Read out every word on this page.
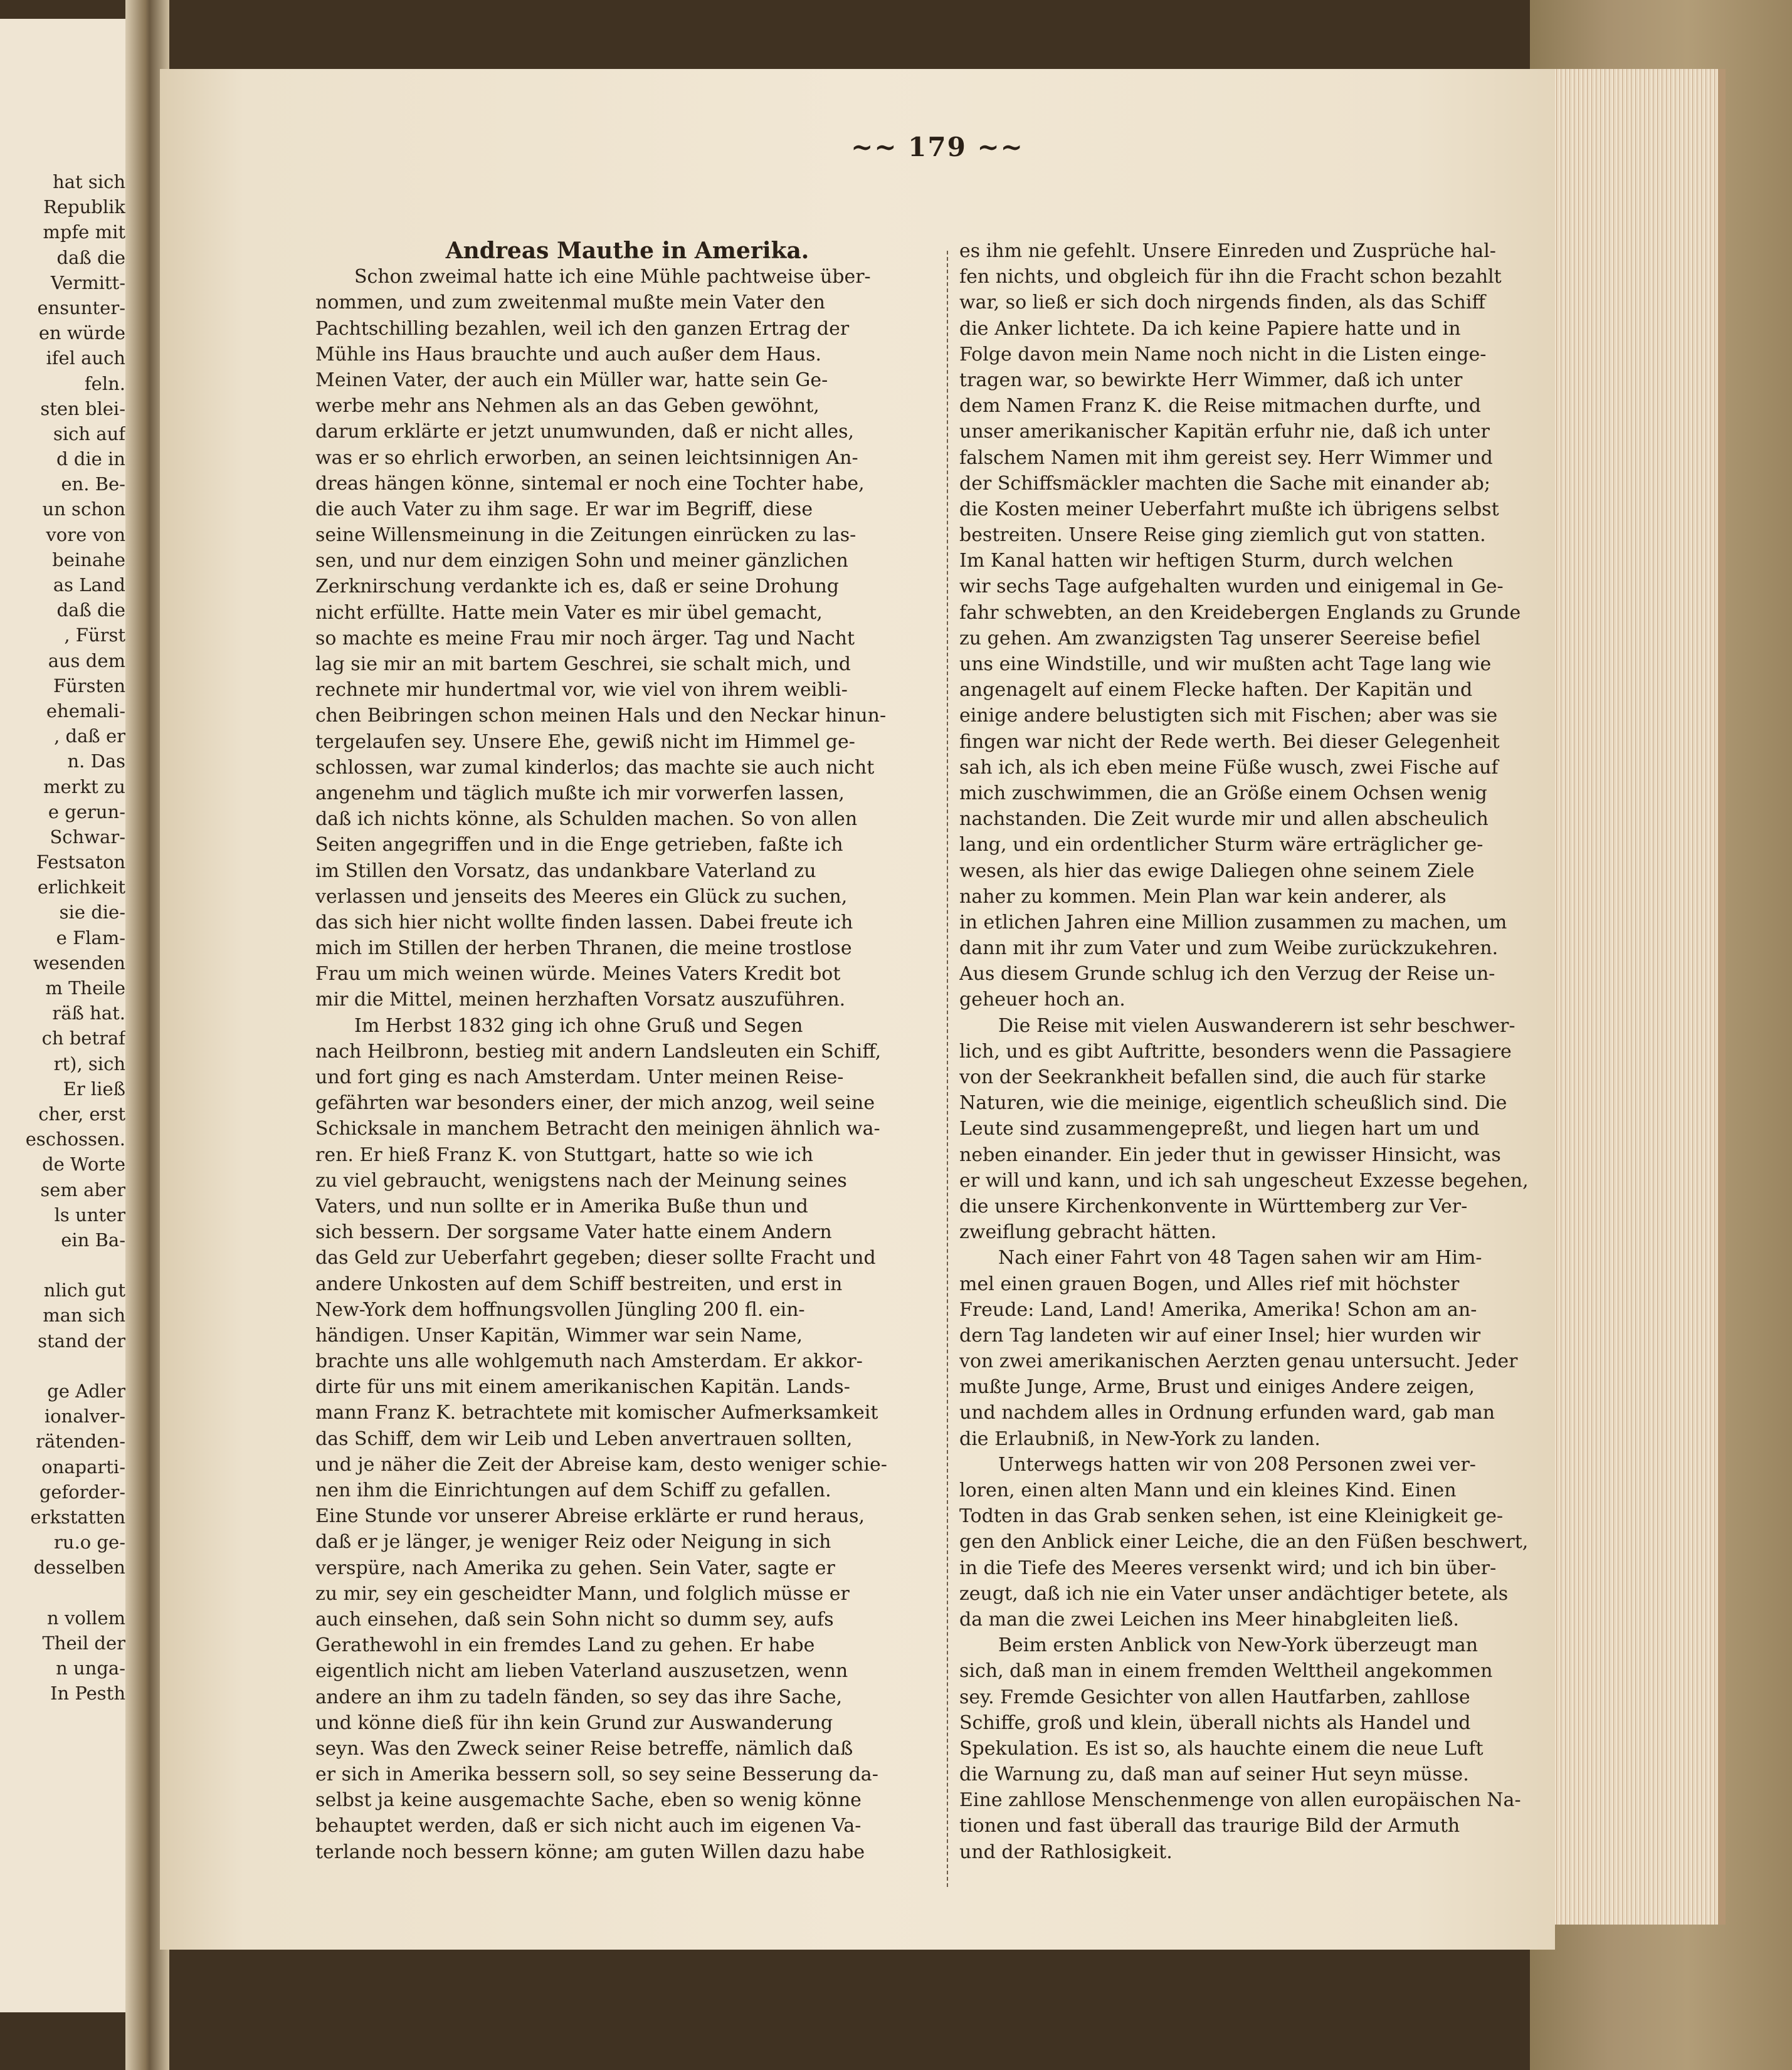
hat sich
Republik
mpfe mit
daß die
Vermitt-
ensunter-
en würde
ifel auch
feln.
sten blei-
sich auf
d die in
en. Be-
un schon
vore von
beinahe
as Land
daß die
, Fürst
aus dem
Fürsten
ehemali-
, daß er
n. Das
merkt zu
e gerun-
Schwar-
Festsaton
erlichkeit
sie die-
e Flam-
wesenden
m Theile
räß hat.
ch betraf
rt), sich
Er ließ
cher, erst
eschossen.
de Worte
sem aber
ls unter
ein Ba-
nlich gut
man sich
stand der
ge Adler
ionalver-
rätenden-
onaparti-
geforder-
erkstatten
ru.o ge-
desselben
n vollem
Theil der
n unga-
In Pesth
~~ 179 ~~
Andreas Mauthe in Amerika.
Schon zweimal hatte ich eine Mühle pachtweise über-
nommen, und zum zweitenmal mußte mein Vater den
Pachtschilling bezahlen, weil ich den ganzen Ertrag der
Mühle ins Haus brauchte und auch außer dem Haus.
Meinen Vater, der auch ein Müller war, hatte sein Ge-
werbe mehr ans Nehmen als an das Geben gewöhnt,
darum erklärte er jetzt unumwunden, daß er nicht alles,
was er so ehrlich erworben, an seinen leichtsinnigen An-
dreas hängen könne, sintemal er noch eine Tochter habe,
die auch Vater zu ihm sage. Er war im Begriff, diese
seine Willensmeinung in die Zeitungen einrücken zu las-
sen, und nur dem einzigen Sohn und meiner gänzlichen
Zerknirschung verdankte ich es, daß er seine Drohung
nicht erfüllte. Hatte mein Vater es mir übel gemacht,
so machte es meine Frau mir noch ärger. Tag und Nacht
lag sie mir an mit bartem Geschrei, sie schalt mich, und
rechnete mir hundertmal vor, wie viel von ihrem weibli-
chen Beibringen schon meinen Hals und den Neckar hinun-
tergelaufen sey. Unsere Ehe, gewiß nicht im Himmel ge-
schlossen, war zumal kinderlos; das machte sie auch nicht
angenehm und täglich mußte ich mir vorwerfen lassen,
daß ich nichts könne, als Schulden machen. So von allen
Seiten angegriffen und in die Enge getrieben, faßte ich
im Stillen den Vorsatz, das undankbare Vaterland zu
verlassen und jenseits des Meeres ein Glück zu suchen,
das sich hier nicht wollte finden lassen. Dabei freute ich
mich im Stillen der herben Thranen, die meine trostlose
Frau um mich weinen würde. Meines Vaters Kredit bot
mir die Mittel, meinen herzhaften Vorsatz auszuführen.
Im Herbst 1832 ging ich ohne Gruß und Segen
nach Heilbronn, bestieg mit andern Landsleuten ein Schiff,
und fort ging es nach Amsterdam. Unter meinen Reise-
gefährten war besonders einer, der mich anzog, weil seine
Schicksale in manchem Betracht den meinigen ähnlich wa-
ren. Er hieß Franz K. von Stuttgart, hatte so wie ich
zu viel gebraucht, wenigstens nach der Meinung seines
Vaters, und nun sollte er in Amerika Buße thun und
sich bessern. Der sorgsame Vater hatte einem Andern
das Geld zur Ueberfahrt gegeben; dieser sollte Fracht und
andere Unkosten auf dem Schiff bestreiten, und erst in
New-York dem hoffnungsvollen Jüngling 200 fl. ein-
händigen. Unser Kapitän, Wimmer war sein Name,
brachte uns alle wohlgemuth nach Amsterdam. Er akkor-
dirte für uns mit einem amerikanischen Kapitän. Lands-
mann Franz K. betrachtete mit komischer Aufmerksamkeit
das Schiff, dem wir Leib und Leben anvertrauen sollten,
und je näher die Zeit der Abreise kam, desto weniger schie-
nen ihm die Einrichtungen auf dem Schiff zu gefallen.
Eine Stunde vor unserer Abreise erklärte er rund heraus,
daß er je länger, je weniger Reiz oder Neigung in sich
verspüre, nach Amerika zu gehen. Sein Vater, sagte er
zu mir, sey ein gescheidter Mann, und folglich müsse er
auch einsehen, daß sein Sohn nicht so dumm sey, aufs
Gerathewohl in ein fremdes Land zu gehen. Er habe
eigentlich nicht am lieben Vaterland auszusetzen, wenn
andere an ihm zu tadeln fänden, so sey das ihre Sache,
und könne dieß für ihn kein Grund zur Auswanderung
seyn. Was den Zweck seiner Reise betreffe, nämlich daß
er sich in Amerika bessern soll, so sey seine Besserung da-
selbst ja keine ausgemachte Sache, eben so wenig könne
behauptet werden, daß er sich nicht auch im eigenen Va-
terlande noch bessern könne; am guten Willen dazu habe
es ihm nie gefehlt. Unsere Einreden und Zusprüche hal-
fen nichts, und obgleich für ihn die Fracht schon bezahlt
war, so ließ er sich doch nirgends finden, als das Schiff
die Anker lichtete. Da ich keine Papiere hatte und in
Folge davon mein Name noch nicht in die Listen einge-
tragen war, so bewirkte Herr Wimmer, daß ich unter
dem Namen Franz K. die Reise mitmachen durfte, und
unser amerikanischer Kapitän erfuhr nie, daß ich unter
falschem Namen mit ihm gereist sey. Herr Wimmer und
der Schiffsmäckler machten die Sache mit einander ab;
die Kosten meiner Ueberfahrt mußte ich übrigens selbst
bestreiten. Unsere Reise ging ziemlich gut von statten.
Im Kanal hatten wir heftigen Sturm, durch welchen
wir sechs Tage aufgehalten wurden und einigemal in Ge-
fahr schwebten, an den Kreidebergen Englands zu Grunde
zu gehen. Am zwanzigsten Tag unserer Seereise befiel
uns eine Windstille, und wir mußten acht Tage lang wie
angenagelt auf einem Flecke haften. Der Kapitän und
einige andere belustigten sich mit Fischen; aber was sie
fingen war nicht der Rede werth. Bei dieser Gelegenheit
sah ich, als ich eben meine Füße wusch, zwei Fische auf
mich zuschwimmen, die an Größe einem Ochsen wenig
nachstanden. Die Zeit wurde mir und allen abscheulich
lang, und ein ordentlicher Sturm wäre erträglicher ge-
wesen, als hier das ewige Daliegen ohne seinem Ziele
naher zu kommen. Mein Plan war kein anderer, als
in etlichen Jahren eine Million zusammen zu machen, um
dann mit ihr zum Vater und zum Weibe zurückzukehren.
Aus diesem Grunde schlug ich den Verzug der Reise un-
geheuer hoch an.
Die Reise mit vielen Auswanderern ist sehr beschwer-
lich, und es gibt Auftritte, besonders wenn die Passagiere
von der Seekrankheit befallen sind, die auch für starke
Naturen, wie die meinige, eigentlich scheußlich sind. Die
Leute sind zusammengepreßt, und liegen hart um und
neben einander. Ein jeder thut in gewisser Hinsicht, was
er will und kann, und ich sah ungescheut Exzesse begehen,
die unsere Kirchenkonvente in Württemberg zur Ver-
zweiflung gebracht hätten.
Nach einer Fahrt von 48 Tagen sahen wir am Him-
mel einen grauen Bogen, und Alles rief mit höchster
Freude: Land, Land! Amerika, Amerika! Schon am an-
dern Tag landeten wir auf einer Insel; hier wurden wir
von zwei amerikanischen Aerzten genau untersucht. Jeder
mußte Junge, Arme, Brust und einiges Andere zeigen,
und nachdem alles in Ordnung erfunden ward, gab man
die Erlaubniß, in New-York zu landen.
Unterwegs hatten wir von 208 Personen zwei ver-
loren, einen alten Mann und ein kleines Kind. Einen
Todten in das Grab senken sehen, ist eine Kleinigkeit ge-
gen den Anblick einer Leiche, die an den Füßen beschwert,
in die Tiefe des Meeres versenkt wird; und ich bin über-
zeugt, daß ich nie ein Vater unser andächtiger betete, als
da man die zwei Leichen ins Meer hinabgleiten ließ.
Beim ersten Anblick von New-York überzeugt man
sich, daß man in einem fremden Welttheil angekommen
sey. Fremde Gesichter von allen Hautfarben, zahllose
Schiffe, groß und klein, überall nichts als Handel und
Spekulation. Es ist so, als hauchte einem die neue Luft
die Warnung zu, daß man auf seiner Hut seyn müsse.
Eine zahllose Menschenmenge von allen europäischen Na-
tionen und fast überall das traurige Bild der Armuth
und der Rathlosigkeit.
